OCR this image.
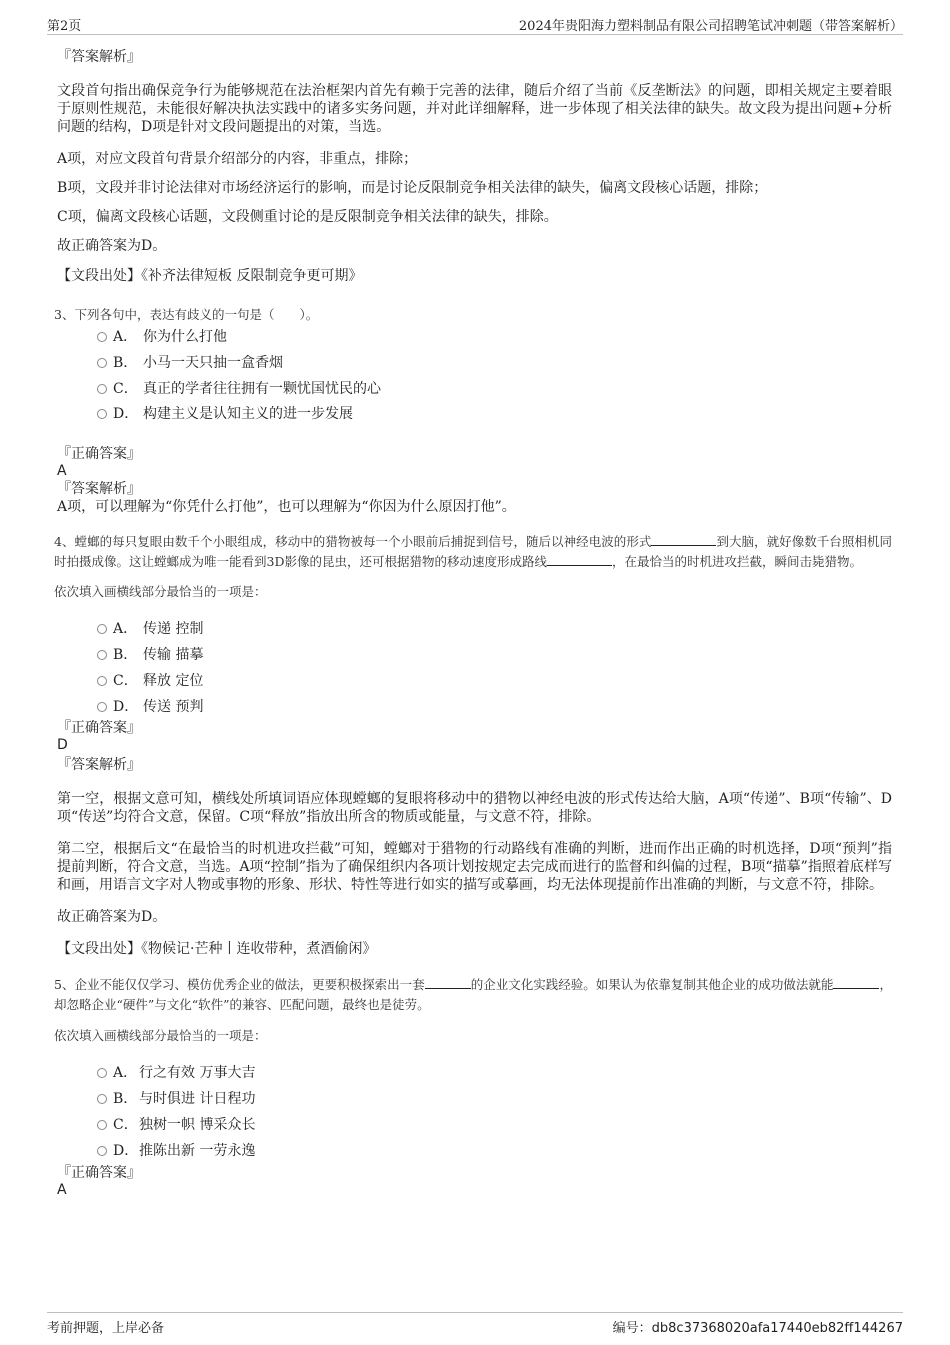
第2页	2024年贵阳海力塑料制品有限公司招聘笔试冲刺题（带答案解析）

『答案解析』

文段首句指出确保竞争行为能够规范在法治框架内首先有赖于完善的法律，随后介绍了当前《反垄断法》的问题，即相关规定主要着眼于原则性规范，未能很好解决执法实践中的诸多实务问题，并对此详细解释，进一步体现了相关法律的缺失。故文段为提出问题+分析问题的结构，D项是针对文段问题提出的对策，当选。

A项，对应文段首句背景介绍部分的内容，非重点，排除；

B项，文段并非讨论法律对市场经济运行的影响，而是讨论反限制竞争相关法律的缺失，偏离文段核心话题，排除；

C项，偏离文段核心话题，文段侧重讨论的是反限制竞争相关法律的缺失，排除。

故正确答案为D。

【文段出处】《补齐法律短板 反限制竞争更可期》

3、下列各句中，表达有歧义的一句是（　　）。

A． 你为什么打他
B． 小马一天只抽一盒香烟
C． 真正的学者往往拥有一颗忧国忧民的心
D． 构建主义是认知主义的进一步发展

『正确答案』

A

『答案解析』

A项，可以理解为“你凭什么打他”，也可以理解为“你因为什么原因打他”。

4、螳螂的每只复眼由数千个小眼组成，移动中的猎物被每一个小眼前后捕捉到信号，随后以神经电波的形式	到大脑，就好像数千台照相机同时拍摄成像。这让螳螂成为唯一能看到3D影像的昆虫，还可根据猎物的移动速度形成路线	，在最恰当的时机进攻拦截，瞬间击毙猎物。

依次填入画横线部分最恰当的一项是：

A． 传递 控制
B． 传输 描摹
C． 释放 定位
D． 传送 预判

『正确答案』

D

『答案解析』

第一空，根据文意可知，横线处所填词语应体现螳螂的复眼将移动中的猎物以神经电波的形式传达给大脑，A项“传递”、B项“传输”、D项“传送”均符合文意，保留。C项“释放”指放出所含的物质或能量，与文意不符，排除。

第二空，根据后文“在最恰当的时机进攻拦截”可知，螳螂对于猎物的行动路线有准确的判断，进而作出正确的时机选择，D项“预判”指提前判断，符合文意，当选。A项“控制”指为了确保组织内各项计划按规定去完成而进行的监督和纠偏的过程，B项“描摹”指照着底样写和画，用语言文字对人物或事物的形象、形状、特性等进行如实的描写或摹画，均无法体现提前作出准确的判断，与文意不符，排除。

故正确答案为D。

【文段出处】《物候记·芒种丨连收带种，煮酒偷闲》

5、企业不能仅仅学习、模仿优秀企业的做法，更要积极探索出一套	的企业文化实践经验。如果认为依靠复制其他企业的成功做法就能	，却忽略企业“硬件”与文化“软件”的兼容、匹配问题，最终也是徒劳。

依次填入画横线部分最恰当的一项是：

A． 行之有效 万事大吉
B． 与时俱进 计日程功
C．独树一帜 博采众长
D．推陈出新 一劳永逸

『正确答案』

A

考前押题，上岸必备	编号：db8c37368020afa17440eb82ff144267
